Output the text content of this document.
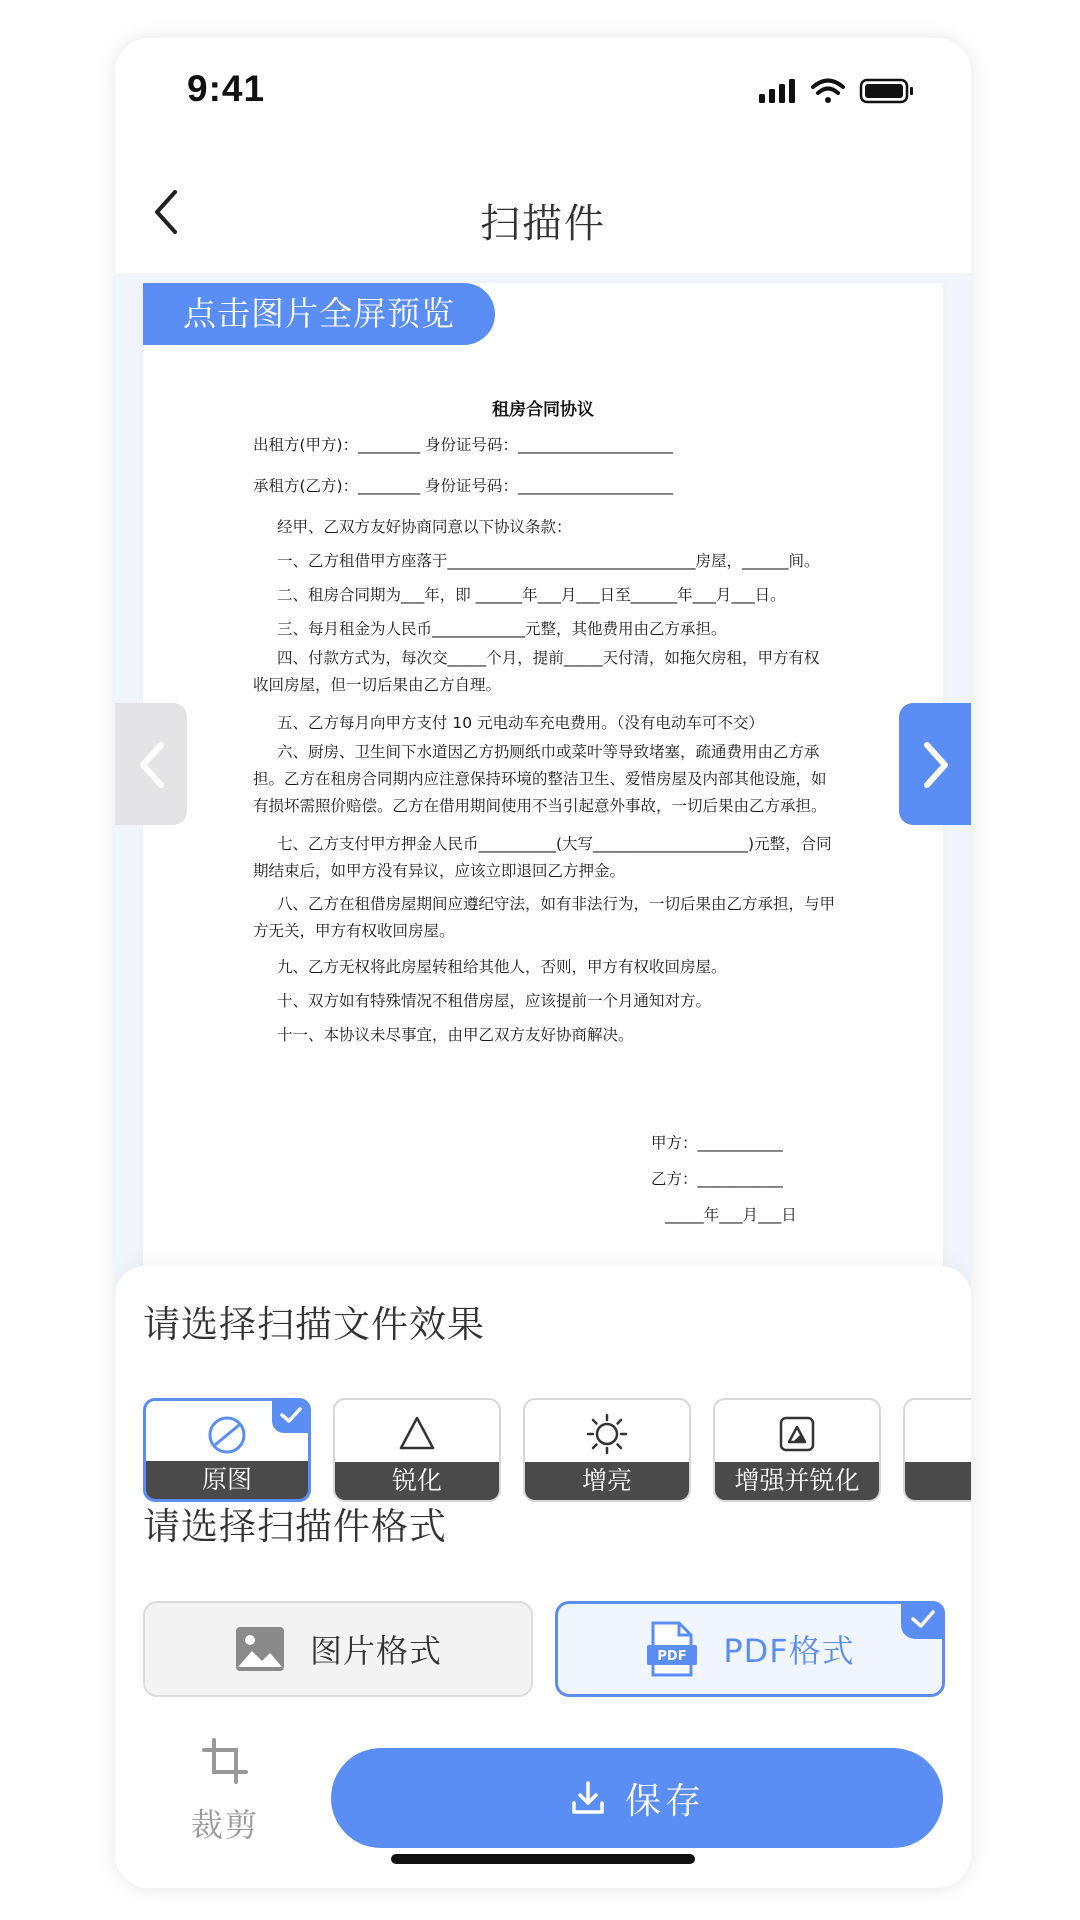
9:41
扫描件
点击图片全屏预览
租房合同协议
出租方(甲方)：________ 身份证号码：____________________
承租方(乙方)：________ 身份证号码：____________________
经甲、乙双方友好协商同意以下协议条款：
一、乙方租借甲方座落于________________________________房屋，______间。
二、租房合同期为___年，即 ______年___月___日至______年___月___日。
三、每月租金为人民币____________元整，其他费用由乙方承担。
四、付款方式为，每次交_____个月，提前_____天付清，如拖欠房租，甲方有权收回房屋，但一切后果由乙方自理。
五、乙方每月向甲方支付 10 元电动车充电费用。（没有电动车可不交）
六、厨房、卫生间下水道因乙方扔厕纸巾或菜叶等导致堵塞，疏通费用由乙方承担。乙方在租房合同期内应注意保持环境的整洁卫生、爱惜房屋及内部其他设施，如有损坏需照价赔偿。乙方在借用期间使用不当引起意外事故，一切后果由乙方承担。
七、乙方支付甲方押金人民币__________(大写____________________)元整，合同期结束后，如甲方没有异议，应该立即退回乙方押金。
八、乙方在租借房屋期间应遵纪守法，如有非法行为，一切后果由乙方承担，与甲方无关，甲方有权收回房屋。
九、乙方无权将此房屋转租给其他人，否则，甲方有权收回房屋。
十、双方如有特殊情况不租借房屋，应该提前一个月通知对方。
十一、本协议未尽事宜，由甲乙双方友好协商解决。
甲方：___________
乙方：___________
_____年___月___日
请选择扫描文件效果
原图	锐化	增亮	增强并锐化
请选择扫描件格式
图片格式	PDF PDF格式
裁剪
保存
